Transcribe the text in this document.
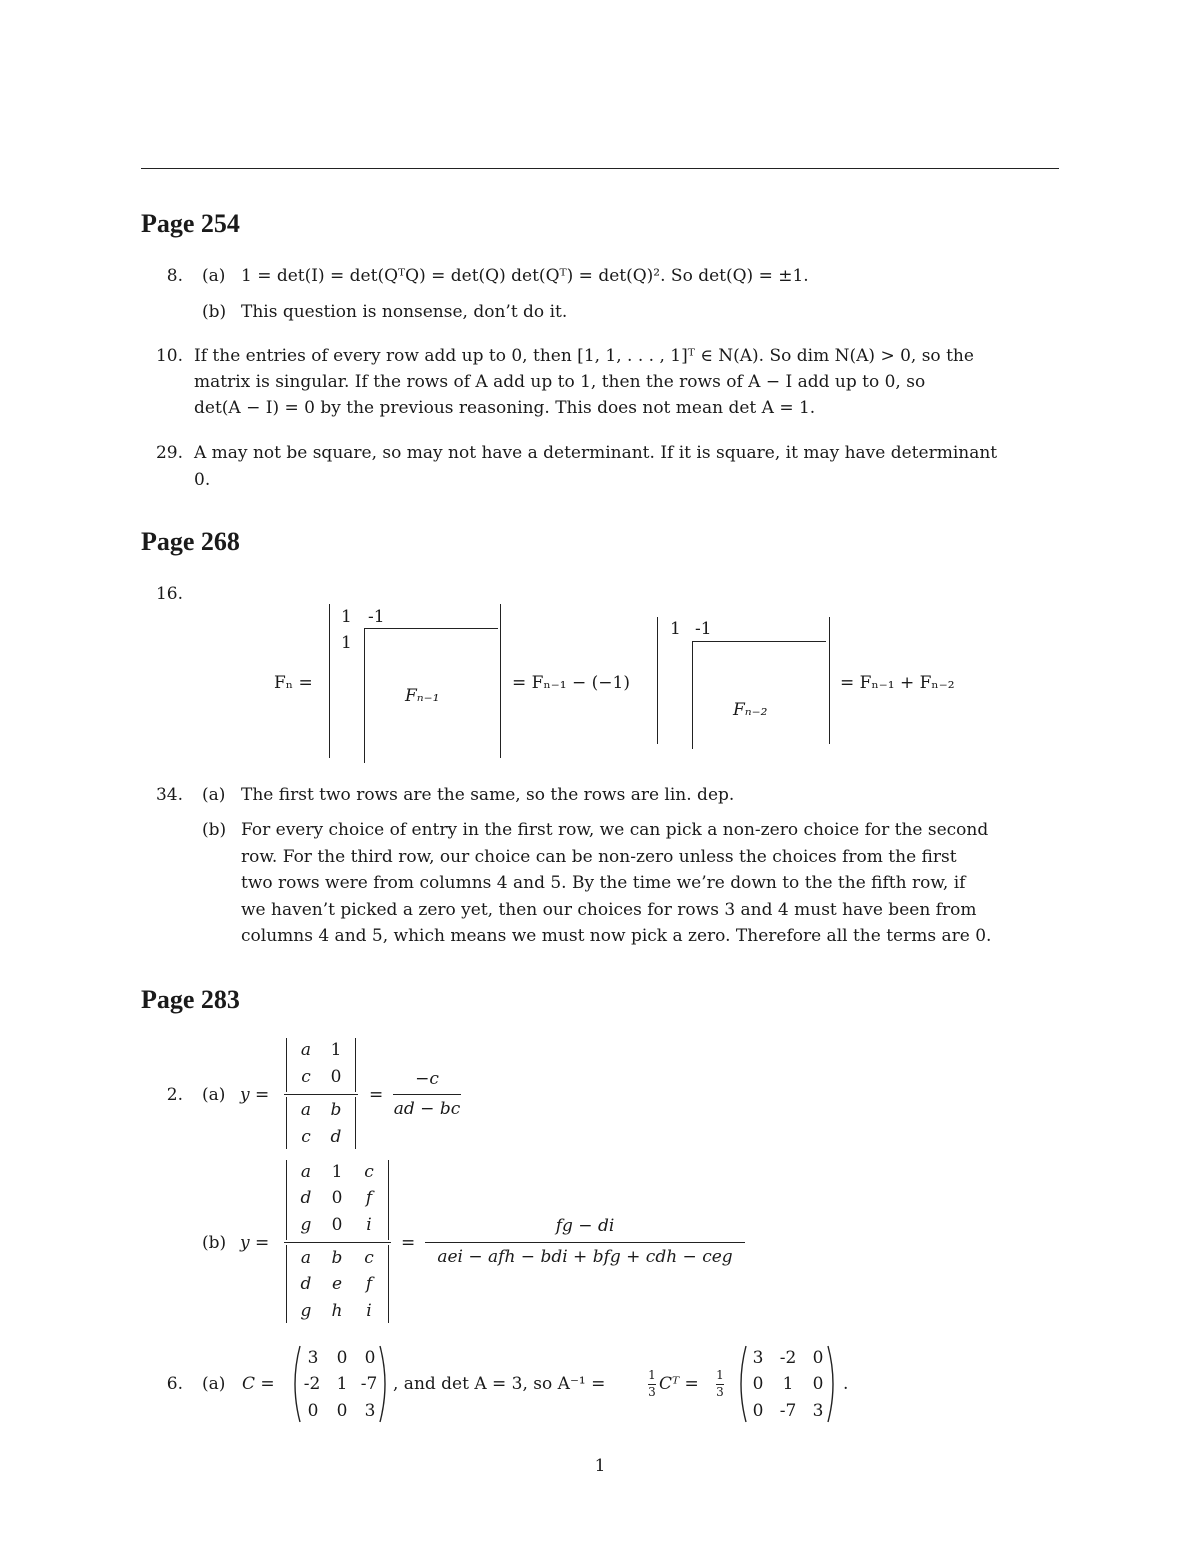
Page 254
8. (a) 1 = det(I) = det(QᵀQ) = det(Q) det(Qᵀ) = det(Q)². So det(Q) = ±1.
(b) This question is nonsense, don’t do it.
10. If the entries of every row add up to 0, then [1, 1, . . . , 1]ᵀ ∈ N(A). So dim N(A) > 0, so the
matrix is singular. If the rows of A add up to 1, then the rows of A − I add up to 0, so
det(A − I) = 0 by the previous reasoning. This does not mean det A = 1.
29. A may not be square, so may not have a determinant. If it is square, it may have determinant
0.
Page 268
16.
Fₙ =
1 -1
1
Fₙ₋₁
= Fₙ₋₁ − (−1)
1 -1
Fₙ₋₂
= Fₙ₋₁ + Fₙ₋₂
34. (a) The first two rows are the same, so the rows are lin. dep.
(b) For every choice of entry in the first row, we can pick a non-zero choice for the second
row. For the third row, our choice can be non-zero unless the choices from the first
two rows were from columns 4 and 5. By the time we’re down to the the fifth row, if
we haven’t picked a zero yet, then our choices for rows 3 and 4 must have been from
columns 4 and 5, which means we must now pick a zero. Therefore all the terms are 0.
Page 283
2. (a) y =
a 1
c	0
a b
c	d
=
−c
ad − bc
(b) y =
a 1	c
d 0	f
g 0	i
a b	c
d e	f
g h	i
=
fg − di
aei − afh − bdi + bfg + cdh − ceg
6. (a) C =
3	0	0
-2 1 -7
0	0	3
, and det A = 3, so A⁻¹ =	1
3 Cᵀ = 1
3
3 -2 0
0	1	0
0 -7 3
.
1
